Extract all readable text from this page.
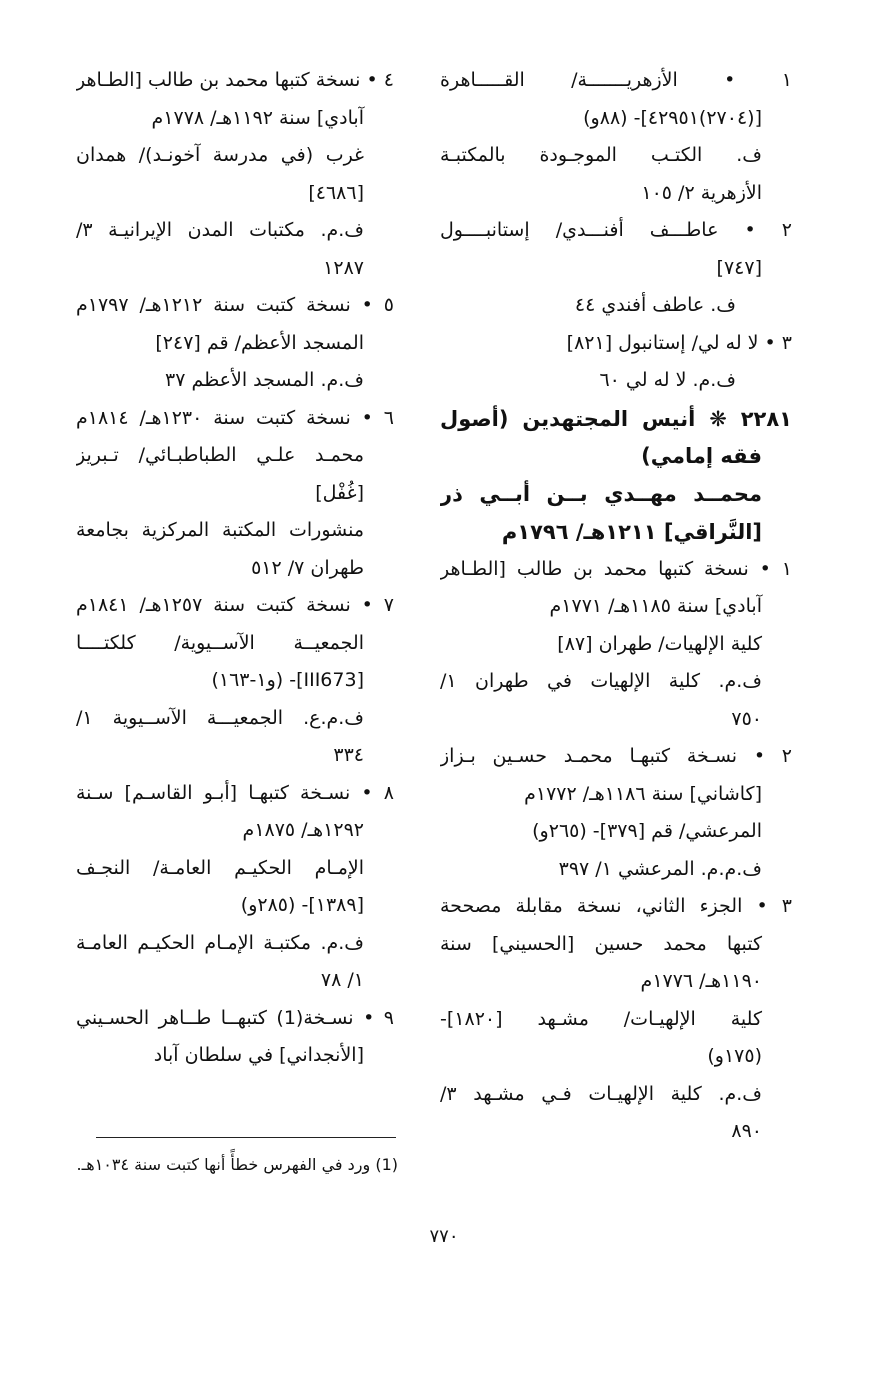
١ • الأزهريـــــــة/ القـــــاهرة
[(٢٧٠٤)٤٢٩٥١]- (٨٨و)
ف. الكتـب الموجـودة بالمكتبـة
الأزهرية ٢/ ١٠٥
٢ • عاطـــف أفنـــدي/ إستانبــــول
[٧٤٧]
ف. عاطف أفندي ٤٤
٣ • لا له لي/ إستانبول [٨٢١]
ف.م. لا له لي ٦٠
٢٢٨١ ❋ أنيس المجتهدين (أصول
فقه إمامي)
محمــد مهــدي بــن أبــي ذر
[النَّراقي] ١٢١١هـ/ ١٧٩٦م
١ • نسخة كتبها محمد بن طالب [الطـاهر
آبادي] سنة ١١٨٥هـ/ ١٧٧١م
كلية الإلهيات/ طهران [٨٧]
ف.م. كلية الإلهيات في طهران ١/
٧٥٠
٢ • نسـخة كتبهـا محمـد حسـين بـزاز
[كاشاني] سنة ١١٨٦هـ/ ١٧٧٢م
المرعشي/ قم [٣٧٩]- (٢٦٥و)
ف.م.م. المرعشي ١/ ٣٩٧
٣ • الجزء الثاني، نسخة مقابلة مصححة
كتبها محمد حسين [الحسيني] سنة
١١٩٠هـ/ ١٧٧٦م
كلية الإلهيـات/ مشـهد [١٨٢٠]-
(١٧٥و)
ف.م. كلية الإلهيـات فـي مشـهد ٣/
٨٩٠
٤ • نسخة كتبها محمد بن طالب [الطـاهر
آبادي] سنة ١١٩٢هـ/ ١٧٧٨م
غرب (في مدرسة آخونـد)/ همدان
[٤٦٨٦]
ف.م. مكتبات المدن الإيرانيـة ٣/
١٢٨٧
٥ • نسخة كتبت سنة ١٢١٢هـ/ ١٧٩٧م
المسجد الأعظم/ قم [٢٤٧]
ف.م. المسجد الأعظم ٣٧
٦ • نسخة كتبت سنة ١٢٣٠هـ/ ١٨١٤م
محمـد علـي الطباطبـائي/ تـبريز
[غُفْل]
منشورات المكتبة المركزية بجامعة
طهران ٧/ ٥١٢
٧ • نسخة كتبت سنة ١٢٥٧هـ/ ١٨٤١م
الجمعيــة الآســيوية/ كلكتــــا
[III673]- (و١-١٦٣)
ف.م.ع. الجمعيـــة الآســيوية ١/
٣٣٤
٨ • نسـخة كتبهـا [أبـو القاسـم] سـنة
١٢٩٢هـ/ ١٨٧٥م
الإمـام الحكيـم العامـة/ النجـف
[١٣٨٩]- (٢٨٥و)
ف.م. مكتبـة الإمـام الحكيـم العامـة
١/ ٧٨
٩ • نسـخة(1) كتبهــا طــاهر الحسـيني
[الأنجداني] في سلطان آباد
(1) ورد في الفهرس خطأً أنها كتبت سنة ١٠٣٤هـ.
٧٧٠
